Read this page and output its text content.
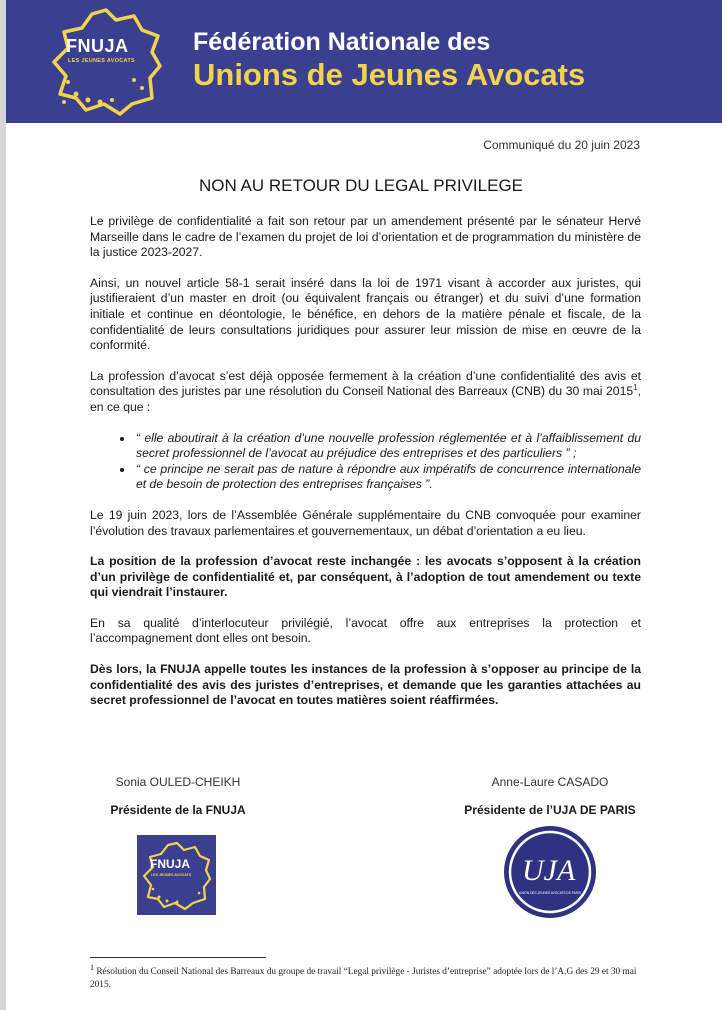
FNUJA
LES JEUNES AVOCATS
Fédération Nationale des
Unions de Jeunes Avocats
Communiqué du 20 juin 2023
NON AU RETOUR DU LEGAL PRIVILEGE

Le privilège de confidentialité a fait son retour par un amendement présenté par le sénateur Hervé Marseille dans le cadre de l’examen du projet de loi d’orientation et de programmation du ministère de la justice 2023-2027.

Ainsi, un nouvel article 58-1 serait inséré dans la loi de 1971 visant à accorder aux juristes, qui justifieraient d’un master en droit (ou équivalent français ou étranger) et du suivi d’une formation initiale et continue en déontologie, le bénéfice, en dehors de la matière pénale et fiscale, de la confidentialité de leurs consultations juridiques pour assurer leur mission de mise en œuvre de la conformité.

La profession d’avocat s’est déjà opposée fermement à la création d’une confidentialité des avis et consultation des juristes par une résolution du Conseil National des Barreaux (CNB) du 30 mai 2015$^1$, en ce que :

• “ elle aboutirait à la création d’une nouvelle profession réglementée et à l’affaiblissement du secret professionnel de l’avocat au préjudice des entreprises et des particuliers ” ;
• “ ce principe ne serait pas de nature à répondre aux impératifs de concurrence internationale et de besoin de protection des entreprises françaises ”.

Le 19 juin 2023, lors de l’Assemblée Générale supplémentaire du CNB convoquée pour examiner l’évolution des travaux parlementaires et gouvernementaux, un débat d’orientation a eu lieu.

La position de la profession d’avocat reste inchangée : les avocats s’opposent à la création d’un privilège de confidentialité et, par conséquent, à l’adoption de tout amendement ou texte qui viendrait l’instaurer.

En sa qualité d’interlocuteur privilégié, l’avocat offre aux entreprises la protection et l’accompagnement dont elles ont besoin.

Dès lors, la FNUJA appelle toutes les instances de la profession à s’opposer au principe de la confidentialité des avis des juristes d’entreprises, et demande que les garanties attachées au secret professionnel de l’avocat en toutes matières soient réaffirmées.

Sonia OULED-CHEIKH
Présidente de la FNUJA
Anne-Laure CASADO
Présidente de l’UJA DE PARIS
FNUJA
LES JEUNES AVOCATS	UJA
UNION DES JEUNES AVOCATS DE PARIS
$^1$ Résolution du Conseil National des Barreaux du groupe de travail “Legal privilège - Juristes d’entreprise” adoptée lors de l’A.G des 29 et 30 mai 2015.
